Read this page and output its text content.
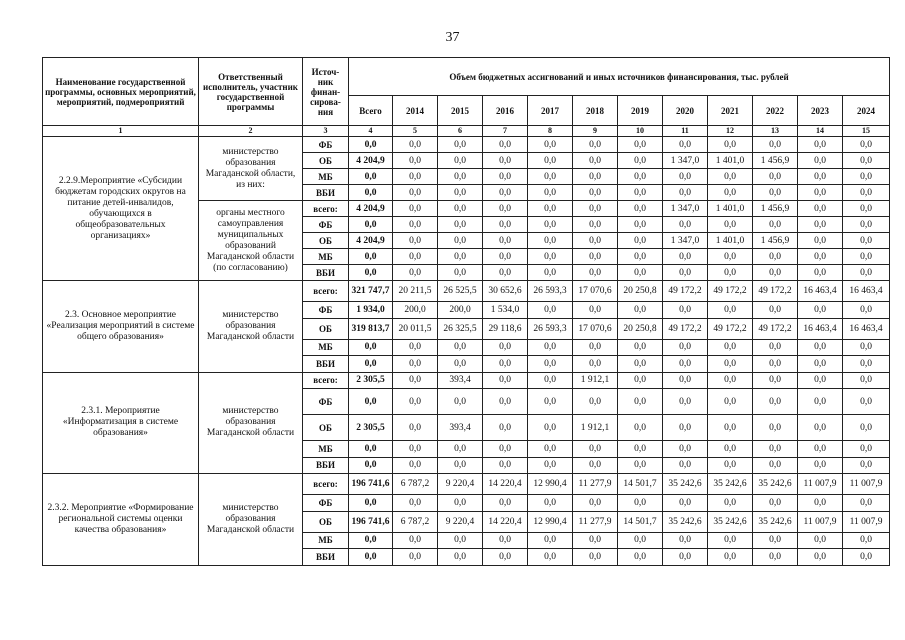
37
Наименование государственной программы, основных мероприятий, мероприятий, подмероприятий	Ответственный исполнитель, участник государственной программы	Источ-ник финан-сирова-ния	Объем бюджетных ассигнований и иных источников финансирования, тыс. рублей											
			Всего	2014	2015	2016	2017	2018	2019	2020	2021	2022	2023	2024
1	2	3	4	5	6	7	8	9	10	11	12	13	14	15
2.2.9.Мероприятие «Субсидии бюджетам городских округов на питание детей-инвалидов, обучающихся в общеобразовательных организациях»	министерство образования Магаданской области, из них:	ФБ	0,0	0,0	0,0	0,0	0,0	0,0	0,0	0,0	0,0	0,0	0,0	0,0
		ОБ	4 204,9	0,0	0,0	0,0	0,0	0,0	0,0	1 347,0	1 401,0	1 456,9	0,0	0,0
		МБ	0,0	0,0	0,0	0,0	0,0	0,0	0,0	0,0	0,0	0,0	0,0	0,0
		ВБИ	0,0	0,0	0,0	0,0	0,0	0,0	0,0	0,0	0,0	0,0	0,0	0,0
	органы местного самоуправления муниципальных образований Магаданской области (по согласованию)	всего:	4 204,9	0,0	0,0	0,0	0,0	0,0	0,0	1 347,0	1 401,0	1 456,9	0,0	0,0
		ФБ	0,0	0,0	0,0	0,0	0,0	0,0	0,0	0,0	0,0	0,0	0,0	0,0
		ОБ	4 204,9	0,0	0,0	0,0	0,0	0,0	0,0	1 347,0	1 401,0	1 456,9	0,0	0,0
		МБ	0,0	0,0	0,0	0,0	0,0	0,0	0,0	0,0	0,0	0,0	0,0	0,0
		ВБИ	0,0	0,0	0,0	0,0	0,0	0,0	0,0	0,0	0,0	0,0	0,0	0,0
2.3. Основное мероприятие «Реализация мероприятий в системе общего образования»	министерство образования Магаданской области	всего:	321 747,7	20 211,5	26 525,5	30 652,6	26 593,3	17 070,6	20 250,8	49 172,2	49 172,2	49 172,2	16 463,4	16 463,4
		ФБ	1 934,0	200,0	200,0	1 534,0	0,0	0,0	0,0	0,0	0,0	0,0	0,0	0,0
		ОБ	319 813,7	20 011,5	26 325,5	29 118,6	26 593,3	17 070,6	20 250,8	49 172,2	49 172,2	49 172,2	16 463,4	16 463,4
		МБ	0,0	0,0	0,0	0,0	0,0	0,0	0,0	0,0	0,0	0,0	0,0	0,0
		ВБИ	0,0	0,0	0,0	0,0	0,0	0,0	0,0	0,0	0,0	0,0	0,0	0,0
2.3.1. Мероприятие «Информатизация в системе образования»	министерство образования Магаданской области	всего:	2 305,5	0,0	393,4	0,0	0,0	1 912,1	0,0	0,0	0,0	0,0	0,0	0,0
		ФБ	0,0	0,0	0,0	0,0	0,0	0,0	0,0	0,0	0,0	0,0	0,0	0,0
		ОБ	2 305,5	0,0	393,4	0,0	0,0	1 912,1	0,0	0,0	0,0	0,0	0,0	0,0
		МБ	0,0	0,0	0,0	0,0	0,0	0,0	0,0	0,0	0,0	0,0	0,0	0,0
		ВБИ	0,0	0,0	0,0	0,0	0,0	0,0	0,0	0,0	0,0	0,0	0,0	0,0
2.3.2. Мероприятие «Формирование региональной системы оценки качества образования»	министерство образования Магаданской области	всего:	196 741,6	6 787,2	9 220,4	14 220,4	12 990,4	11 277,9	14 501,7	35 242,6	35 242,6	35 242,6	11 007,9	11 007,9
		ФБ	0,0	0,0	0,0	0,0	0,0	0,0	0,0	0,0	0,0	0,0	0,0	0,0
		ОБ	196 741,6	6 787,2	9 220,4	14 220,4	12 990,4	11 277,9	14 501,7	35 242,6	35 242,6	35 242,6	11 007,9	11 007,9
		МБ	0,0	0,0	0,0	0,0	0,0	0,0	0,0	0,0	0,0	0,0	0,0	0,0
		ВБИ	0,0	0,0	0,0	0,0	0,0	0,0	0,0	0,0	0,0	0,0	0,0	0,0
